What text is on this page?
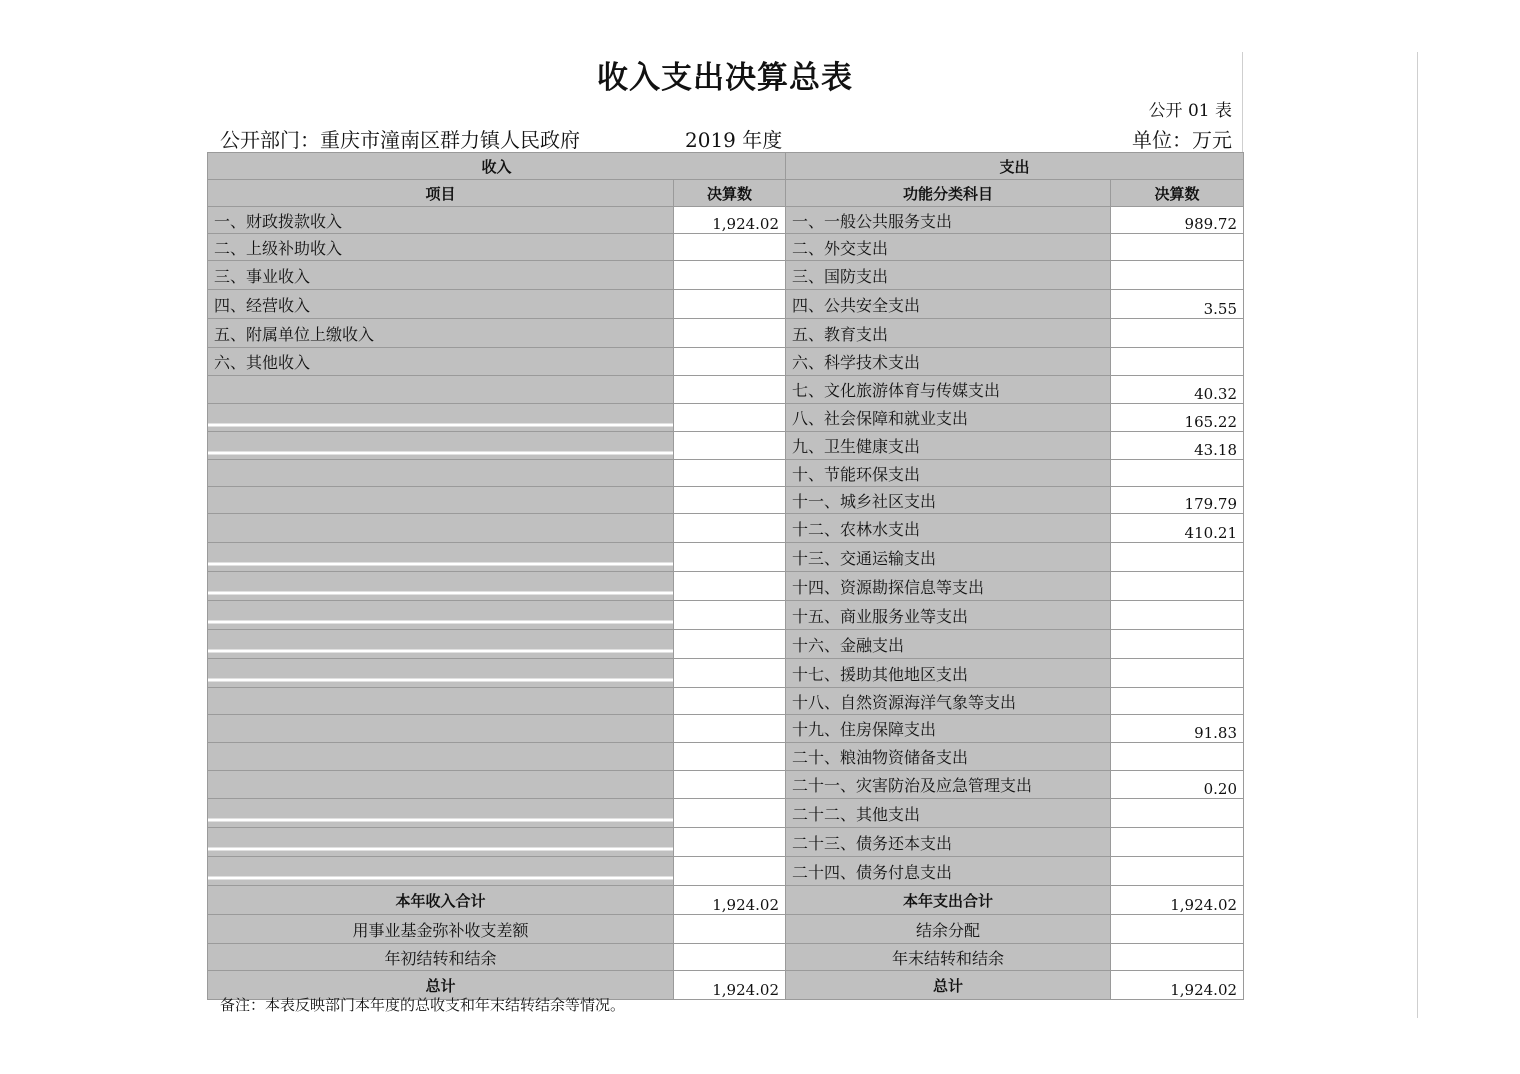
收入支出决算总表
公开 01 表
公开部门：重庆市潼南区群力镇人民政府	2019 年度	单位：万元
收入		支出	
项目	决算数	功能分类科目	决算数
一、财政拨款收入	1,924.02	一、一般公共服务支出	989.72
二、上级补助收入		二、外交支出	
三、事业收入		三、国防支出	
四、经营收入		四、公共安全支出	3.55
五、附属单位上缴收入		五、教育支出	
六、其他收入		六、科学技术支出	
		七、文化旅游体育与传媒支出	40.32
		八、社会保障和就业支出	165.22
		九、卫生健康支出	43.18
		十、节能环保支出	
		十一、城乡社区支出	179.79
		十二、农林水支出	410.21
		十三、交通运输支出	
		十四、资源勘探信息等支出	
		十五、商业服务业等支出	
		十六、金融支出	
		十七、援助其他地区支出	
		十八、自然资源海洋气象等支出	
		十九、住房保障支出	91.83
		二十、粮油物资储备支出	
		二十一、灾害防治及应急管理支出	0.20
		二十二、其他支出	
		二十三、债务还本支出	
		二十四、债务付息支出	
本年收入合计	1,924.02	本年支出合计	1,924.02
用事业基金弥补收支差额		结余分配	
年初结转和结余		年末结转和结余	
总计	1,924.02	总计	1,924.02
备注：本表反映部门本年度的总收支和年末结转结余等情况。
